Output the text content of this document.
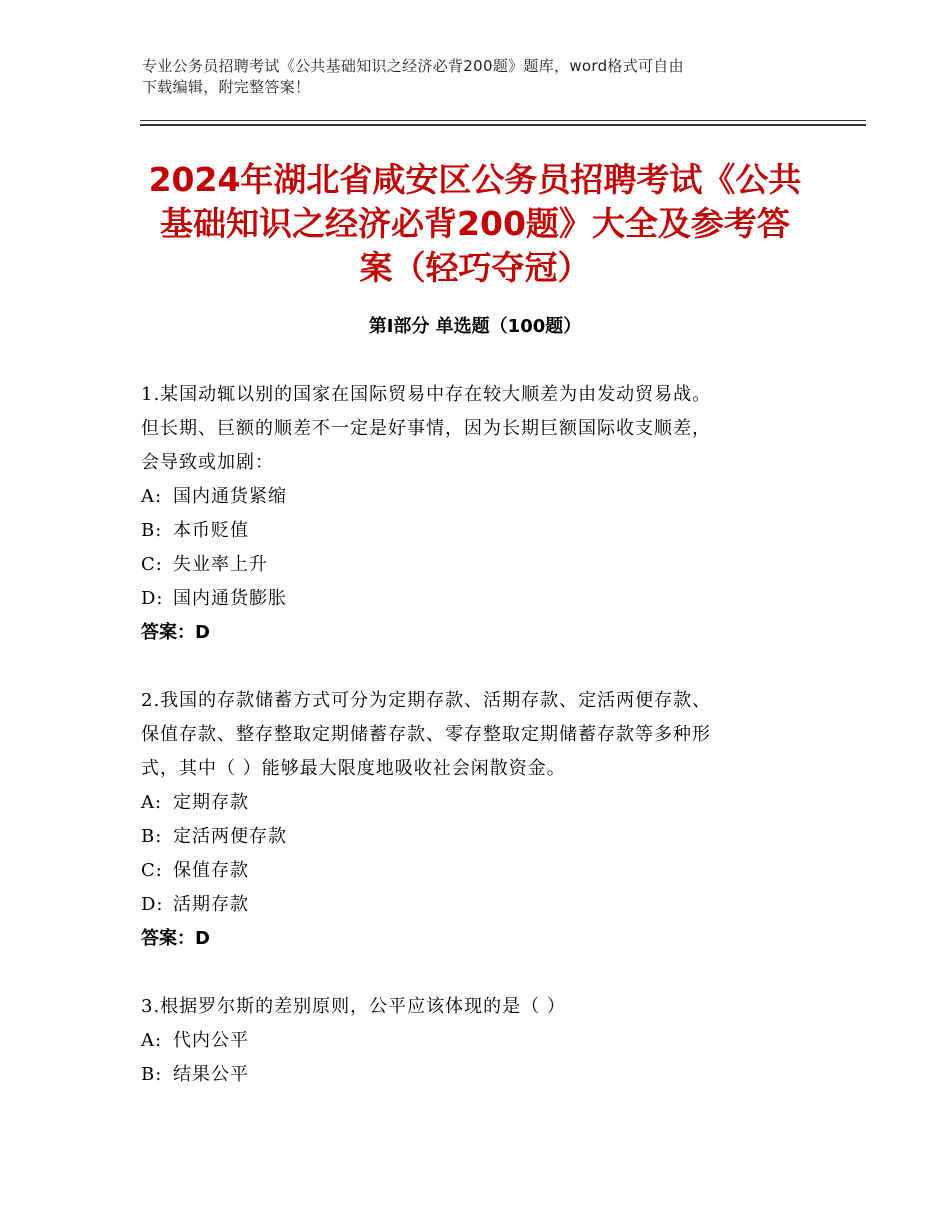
专业公务员招聘考试《公共基础知识之经济必背200题》题库，word格式可自由
下载编辑，附完整答案！
2024年湖北省咸安区公务员招聘考试《公共
基础知识之经济必背200题》大全及参考答
案（轻巧夺冠）
第Ⅰ部分 单选题（100题）
1.某国动辄以别的国家在国际贸易中存在较大顺差为由发动贸易战。
但长期、巨额的顺差不一定是好事情，因为长期巨额国际收支顺差，
会导致或加剧：
A: 国内通货紧缩
B: 本币贬值
C: 失业率上升
D: 国内通货膨胀
答案：D
2.我国的存款储蓄方式可分为定期存款、活期存款、定活两便存款、
保值存款、整存整取定期储蓄存款、零存整取定期储蓄存款等多种形
式，其中（ ）能够最大限度地吸收社会闲散资金。
A: 定期存款
B: 定活两便存款
C: 保值存款
D: 活期存款
答案：D
3.根据罗尔斯的差别原则，公平应该体现的是（ ）
A: 代内公平
B: 结果公平
